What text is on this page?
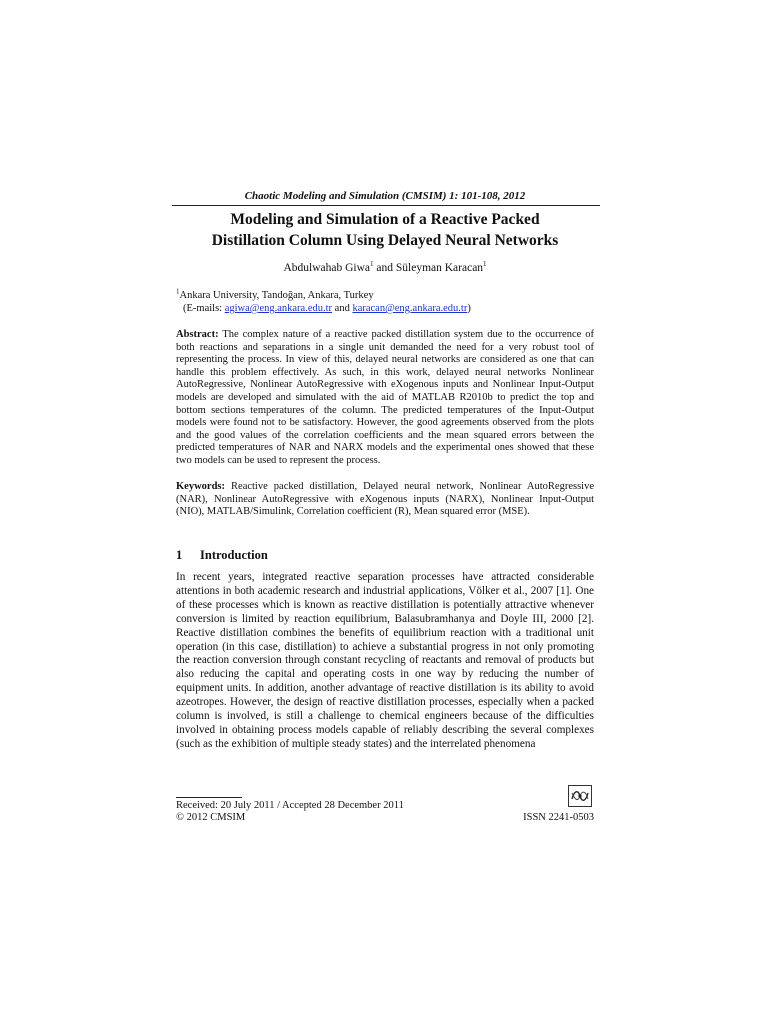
Chaotic Modeling and Simulation (CMSIM) 1: 101-108, 2012
Modeling and Simulation of a Reactive Packed
Distillation Column Using Delayed Neural Networks
Abdulwahab Giwa$^1$ and Süleyman Karacan$^1$
$^1$Ankara University, Tandoğan, Ankara, Turkey
(E-mails: agiwa@eng.ankara.edu.tr and karacan@eng.ankara.edu.tr)
Abstract: The complex nature of a reactive packed distillation system due to the occurrence of both reactions and separations in a single unit demanded the need for a very robust tool of representing the process. In view of this, delayed neural networks are considered as one that can handle this problem effectively. As such, in this work, delayed neural networks Nonlinear AutoRegressive, Nonlinear AutoRegressive with eXogenous inputs and Nonlinear Input-Output models are developed and simulated with the aid of MATLAB R2010b to predict the top and bottom sections temperatures of the column. The predicted temperatures of the Input-Output models were found not to be satisfactory. However, the good agreements observed from the plots and the good values of the correlation coefficients and the mean squared errors between the predicted temperatures of NAR and NARX models and the experimental ones showed that these two models can be used to represent the process.
Keywords: Reactive packed distillation, Delayed neural network, Nonlinear AutoRegressive (NAR), Nonlinear AutoRegressive with eXogenous inputs (NARX), Nonlinear Input-Output (NIO), MATLAB/Simulink, Correlation coefficient (R), Mean squared error (MSE).
1 Introduction
In recent years, integrated reactive separation processes have attracted considerable attentions in both academic research and industrial applications, Völker et al., 2007 [1]. One of these processes which is known as reactive distillation is potentially attractive whenever conversion is limited by reaction equilibrium, Balasubramhanya and Doyle III, 2000 [2]. Reactive distillation combines the benefits of equilibrium reaction with a traditional unit operation (in this case, distillation) to achieve a substantial progress in not only promoting the reaction conversion through constant recycling of reactants and removal of products but also reducing the capital and operating costs in one way by reducing the number of equipment units. In addition, another advantage of reactive distillation is its ability to avoid azeotropes. However, the design of reactive distillation processes, especially when a packed column is involved, is still a challenge to chemical engineers because of the difficulties involved in obtaining process models capable of reliably describing the several complexes (such as the exhibition of multiple steady states) and the interrelated phenomena
Received: 20 July 2011 / Accepted 28 December 2011
© 2012 CMSIM	ISSN 2241-0503
